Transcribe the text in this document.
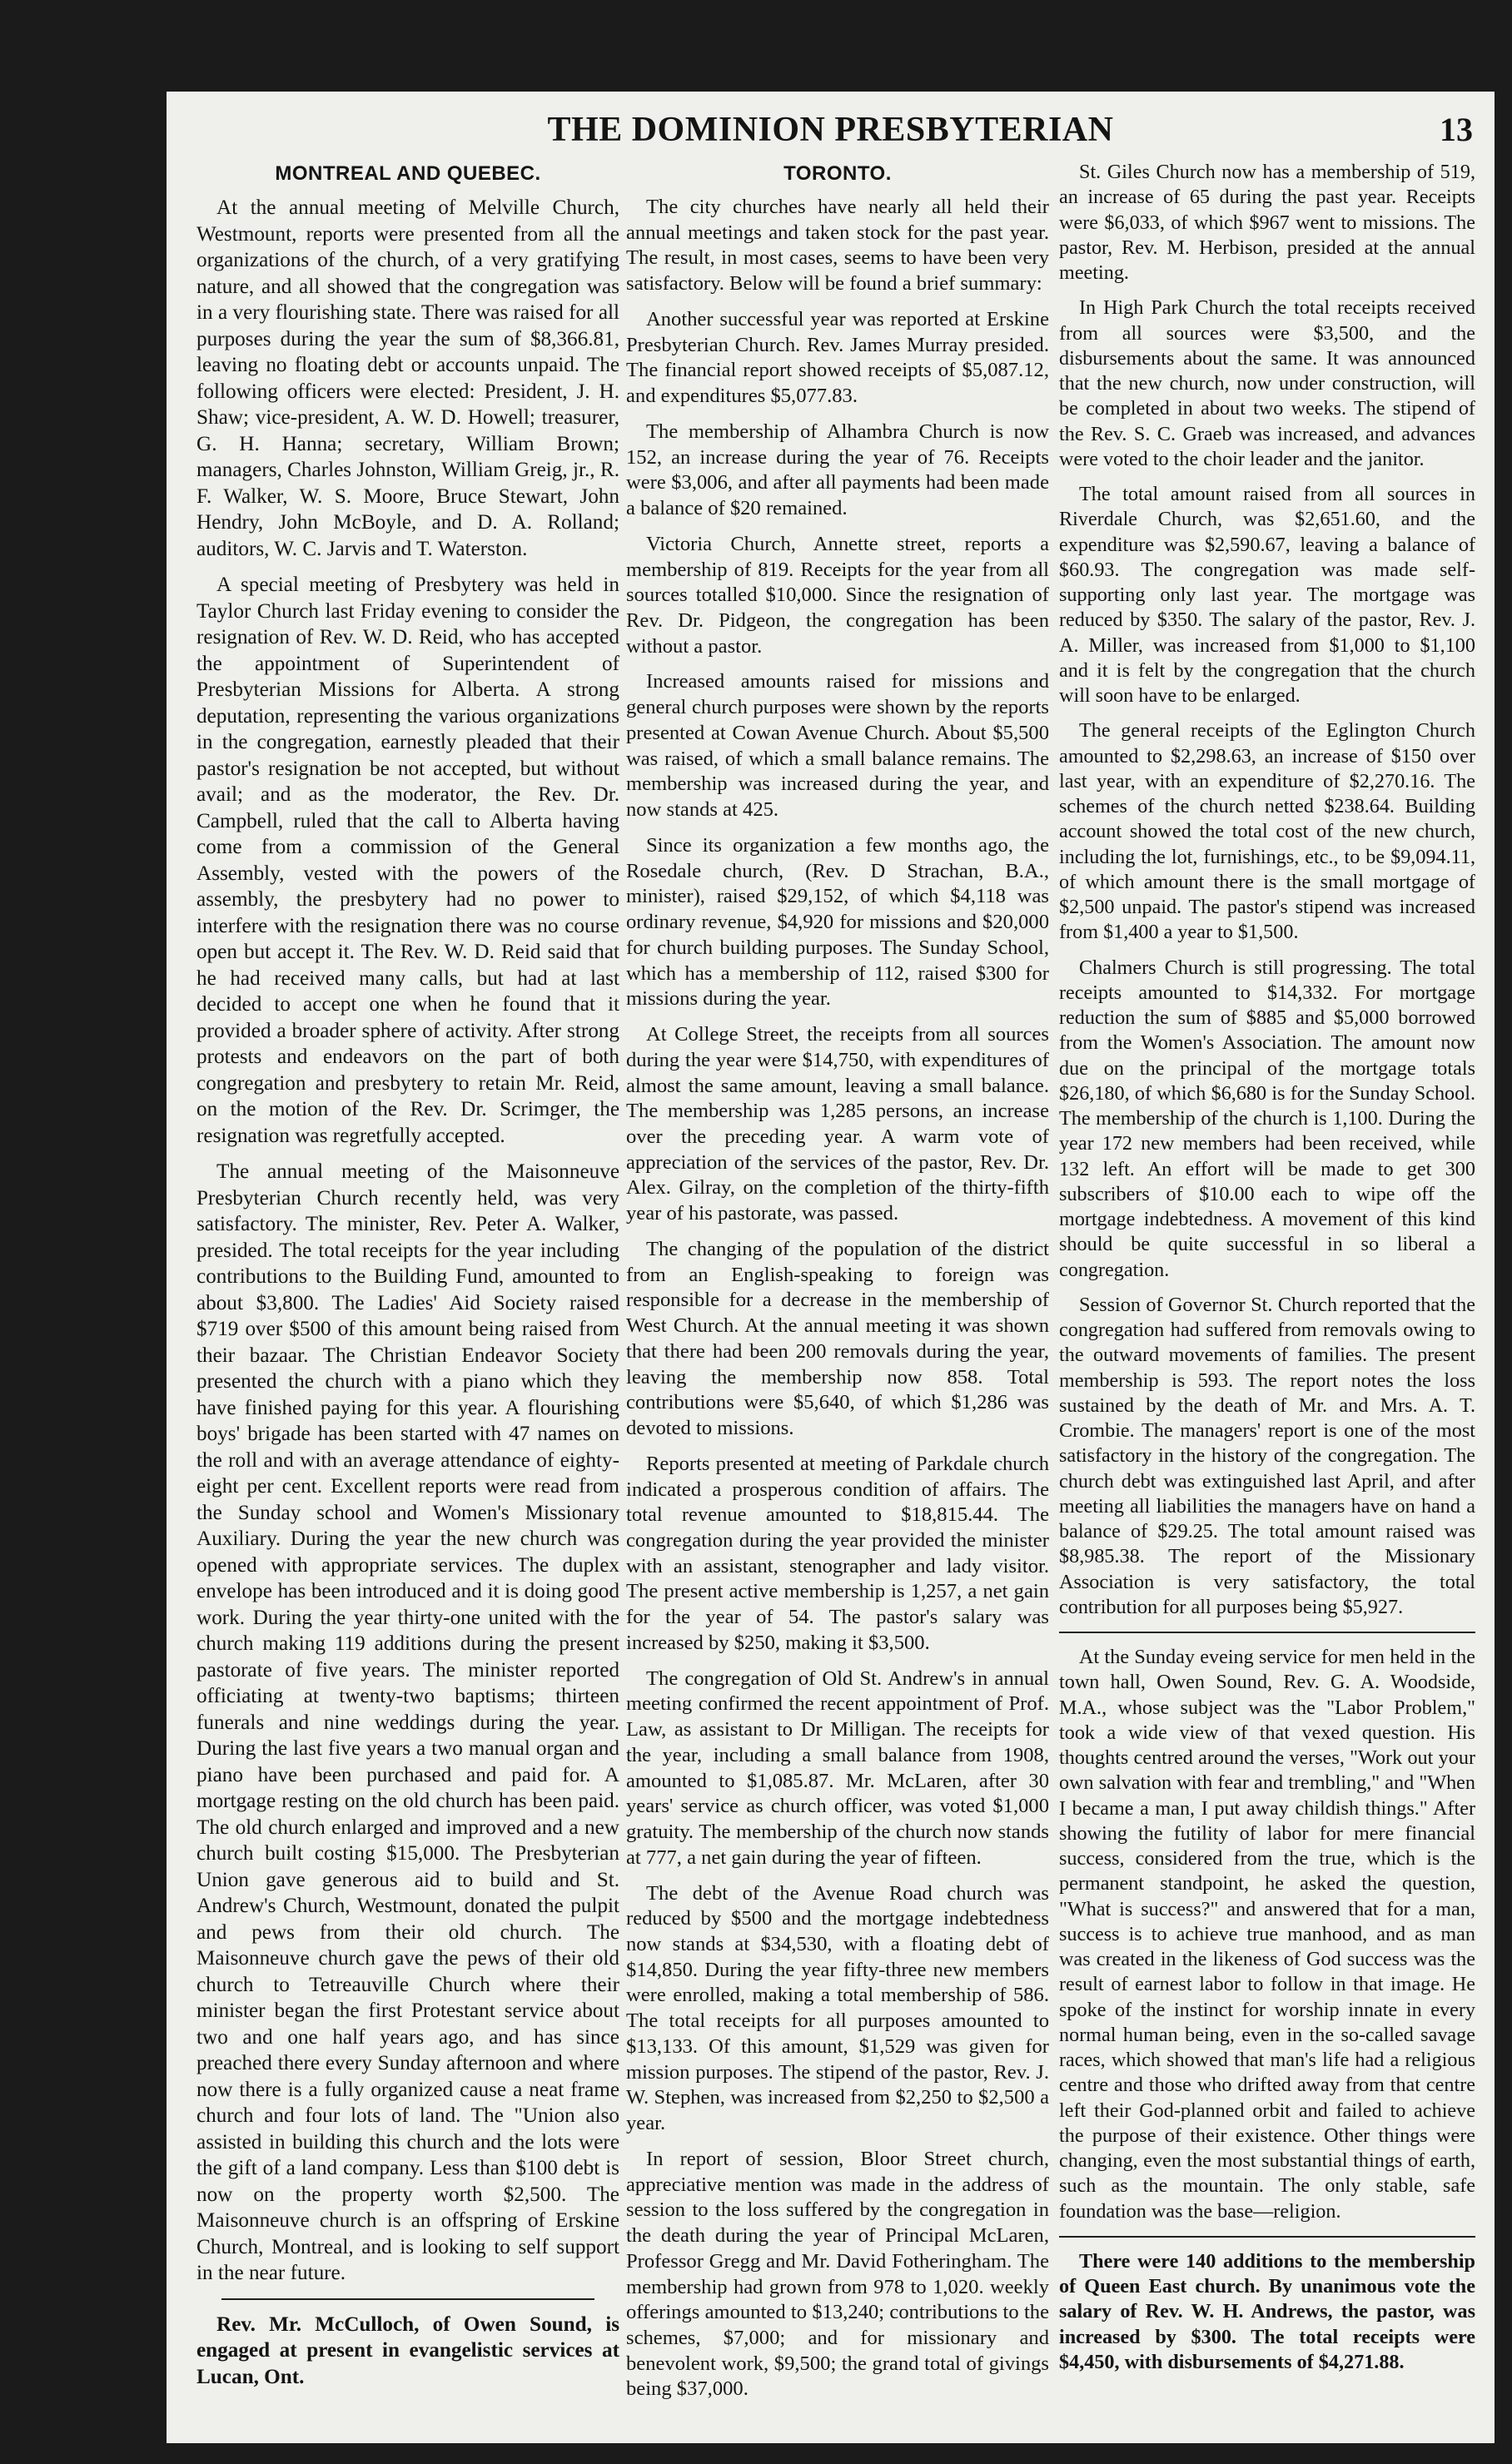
THE DOMINION PRESBYTERIAN	13
MONTREAL AND QUEBEC.

At the annual meeting of Melville Church, Westmount, reports were presented from all the organizations of the church, of a very gratifying nature, and all showed that the congregation was in a very flourishing state. There was raised for all purposes during the year the sum of $8,366.81, leaving no floating debt or accounts unpaid. The following officers were elected: President, J. H. Shaw; vice-president, A. W. D. Howell; treasurer, G. H. Hanna; secretary, William Brown; managers, Charles Johnston, William Greig, jr., R. F. Walker, W. S. Moore, Bruce Stewart, John Hendry, John McBoyle, and D. A. Rolland; auditors, W. C. Jarvis and T. Waterston.

A special meeting of Presbytery was held in Taylor Church last Friday evening to consider the resignation of Rev. W. D. Reid, who has accepted the appointment of Superintendent of Presbyterian Missions for Alberta. A strong deputation, representing the various organizations in the congregation, earnestly pleaded that their pastor's resignation be not accepted, but without avail; and as the moderator, the Rev. Dr. Campbell, ruled that the call to Alberta having come from a commission of the General Assembly, vested with the powers of the assembly, the presbytery had no power to interfere with the resignation there was no course open but accept it. The Rev. W. D. Reid said that he had received many calls, but had at last decided to accept one when he found that it provided a broader sphere of activity. After strong protests and endeavors on the part of both congregation and presbytery to retain Mr. Reid, on the motion of the Rev. Dr. Scrimger, the resignation was regretfully accepted.

The annual meeting of the Maisonneuve Presbyterian Church recently held, was very satisfactory. The minister, Rev. Peter A. Walker, presided. The total receipts for the year including contributions to the Building Fund, amounted to about $3,800. The Ladies' Aid Society raised $719 over $500 of this amount being raised from their bazaar. The Christian Endeavor Society presented the church with a piano which they have finished paying for this year. A flourishing boys' brigade has been started with 47 names on the roll and with an average attendance of eighty-eight per cent. Excellent reports were read from the Sunday school and Women's Missionary Auxiliary. During the year the new church was opened with appropriate services. The duplex envelope has been introduced and it is doing good work. During the year thirty-one united with the church making 119 additions during the present pastorate of five years. The minister reported officiating at twenty-two baptisms; thirteen funerals and nine weddings during the year. During the last five years a two manual organ and piano have been purchased and paid for. A mortgage resting on the old church has been paid. The old church enlarged and improved and a new church built costing $15,000. The Presbyterian Union gave generous aid to build and St. Andrew's Church, Westmount, donated the pulpit and pews from their old church. The Maisonneuve church gave the pews of their old church to Tetreauville Church where their minister began the first Protestant service about two and one half years ago, and has since preached there every Sunday afternoon and where now there is a fully organized cause a neat frame church and four lots of land. The "Union also assisted in building this church and the lots were the gift of a land company. Less than $100 debt is now on the property worth $2,500. The Maisonneuve church is an offspring of Erskine Church, Montreal, and is looking to self support in the near future.

Rev. Mr. McCulloch, of Owen Sound, is engaged at present in evangelistic services at Lucan, Ont.

TORONTO.

The city churches have nearly all held their annual meetings and taken stock for the past year. The result, in most cases, seems to have been very satisfactory. Below will be found a brief summary:

Another successful year was reported at Erskine Presbyterian Church. Rev. James Murray presided. The financial report showed receipts of $5,087.12, and expenditures $5,077.83.

The membership of Alhambra Church is now 152, an increase during the year of 76. Receipts were $3,006, and after all payments had been made a balance of $20 remained.

Victoria Church, Annette street, reports a membership of 819. Receipts for the year from all sources totalled $10,000. Since the resignation of Rev. Dr. Pidgeon, the congregation has been without a pastor.

Increased amounts raised for missions and general church purposes were shown by the reports presented at Cowan Avenue Church. About $5,500 was raised, of which a small balance remains. The membership was increased during the year, and now stands at 425.

Since its organization a few months ago, the Rosedale church, (Rev. D Strachan, B.A., minister), raised $29,152, of which $4,118 was ordinary revenue, $4,920 for missions and $20,000 for church building purposes. The Sunday School, which has a membership of 112, raised $300 for missions during the year.

At College Street, the receipts from all sources during the year were $14,750, with expenditures of almost the same amount, leaving a small balance. The membership was 1,285 persons, an increase over the preceding year. A warm vote of appreciation of the services of the pastor, Rev. Dr. Alex. Gilray, on the completion of the thirty-fifth year of his pastorate, was passed.

The changing of the population of the district from an English-speaking to foreign was responsible for a decrease in the membership of West Church. At the annual meeting it was shown that there had been 200 removals during the year, leaving the membership now 858. Total contributions were $5,640, of which $1,286 was devoted to missions.

Reports presented at meeting of Parkdale church indicated a prosperous condition of affairs. The total revenue amounted to $18,815.44. The congregation during the year provided the minister with an assistant, stenographer and lady visitor. The present active membership is 1,257, a net gain for the year of 54. The pastor's salary was increased by $250, making it $3,500.

The congregation of Old St. Andrew's in annual meeting confirmed the recent appointment of Prof. Law, as assistant to Dr Milligan. The receipts for the year, including a small balance from 1908, amounted to $1,085.87. Mr. McLaren, after 30 years' service as church officer, was voted $1,000 gratuity. The membership of the church now stands at 777, a net gain during the year of fifteen.

The debt of the Avenue Road church was reduced by $500 and the mortgage indebtedness now stands at $34,530, with a floating debt of $14,850. During the year fifty-three new members were enrolled, making a total membership of 586. The total receipts for all purposes amounted to $13,133. Of this amount, $1,529 was given for mission purposes. The stipend of the pastor, Rev. J. W. Stephen, was increased from $2,250 to $2,500 a year.

In report of session, Bloor Street church, appreciative mention was made in the address of session to the loss suffered by the congregation in the death during the year of Principal McLaren, Professor Gregg and Mr. David Fotheringham. The membership had grown from 978 to 1,020. weekly offerings amounted to $13,240; contributions to the schemes, $7,000; and for missionary and benevolent work, $9,500; the grand total of givings being $37,000.

St. Giles Church now has a membership of 519, an increase of 65 during the past year. Receipts were $6,033, of which $967 went to missions. The pastor, Rev. M. Herbison, presided at the annual meeting.

In High Park Church the total receipts received from all sources were $3,500, and the disbursements about the same. It was announced that the new church, now under construction, will be completed in about two weeks. The stipend of the Rev. S. C. Graeb was increased, and advances were voted to the choir leader and the janitor.

The total amount raised from all sources in Riverdale Church, was $2,651.60, and the expenditure was $2,590.67, leaving a balance of $60.93. The congregation was made self-supporting only last year. The mortgage was reduced by $350. The salary of the pastor, Rev. J. A. Miller, was increased from $1,000 to $1,100 and it is felt by the congregation that the church will soon have to be enlarged.

The general receipts of the Eglington Church amounted to $2,298.63, an increase of $150 over last year, with an expenditure of $2,270.16. The schemes of the church netted $238.64. Building account showed the total cost of the new church, including the lot, furnishings, etc., to be $9,094.11, of which amount there is the small mortgage of $2,500 unpaid. The pastor's stipend was increased from $1,400 a year to $1,500.

Chalmers Church is still progressing. The total receipts amounted to $14,332. For mortgage reduction the sum of $885 and $5,000 borrowed from the Women's Association. The amount now due on the principal of the mortgage totals $26,180, of which $6,680 is for the Sunday School. The membership of the church is 1,100. During the year 172 new members had been received, while 132 left. An effort will be made to get 300 subscribers of $10.00 each to wipe off the mortgage indebtedness. A movement of this kind should be quite successful in so liberal a congregation.

Session of Governor St. Church reported that the congregation had suffered from removals owing to the outward movements of families. The present membership is 593. The report notes the loss sustained by the death of Mr. and Mrs. A. T. Crombie. The managers' report is one of the most satisfactory in the history of the congregation. The church debt was extinguished last April, and after meeting all liabilities the managers have on hand a balance of $29.25. The total amount raised was $8,985.38. The report of the Missionary Association is very satisfactory, the total contribution for all purposes being $5,927.

At the Sunday eveing service for men held in the town hall, Owen Sound, Rev. G. A. Woodside, M.A., whose subject was the "Labor Problem," took a wide view of that vexed question. His thoughts centred around the verses, "Work out your own salvation with fear and trembling," and "When I became a man, I put away childish things." After showing the futility of labor for mere financial success, considered from the true, which is the permanent standpoint, he asked the question, "What is success?" and answered that for a man, success is to achieve true manhood, and as man was created in the likeness of God success was the result of earnest labor to follow in that image. He spoke of the instinct for worship innate in every normal human being, even in the so-called savage races, which showed that man's life had a religious centre and those who drifted away from that centre left their God-planned orbit and failed to achieve the purpose of their existence. Other things were changing, even the most substantial things of earth, such as the mountain. The only stable, safe foundation was the base—religion.

There were 140 additions to the membership of Queen East church. By unanimous vote the salary of Rev. W. H. Andrews, the pastor, was increased by $300. The total receipts were $4,450, with disbursements of $4,271.88.
